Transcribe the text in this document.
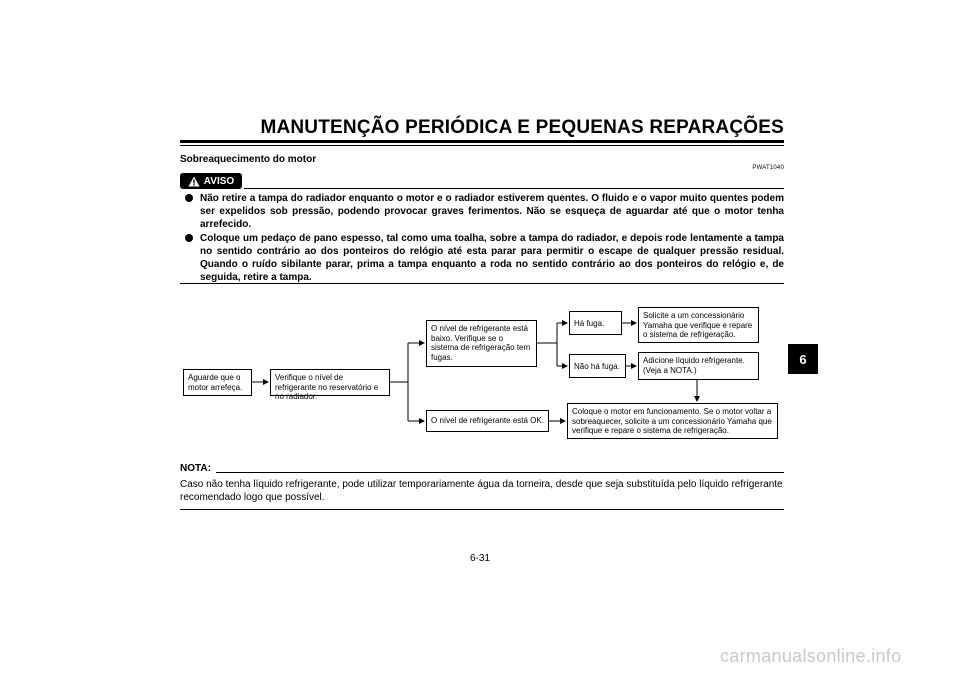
MANUTENÇÃO PERIÓDICA E PEQUENAS REPARAÇÕES
Sobreaquecimento do motor
PWAT1040
AVISO
Não retire a tampa do radiador enquanto o motor e o radiador estiverem quentes. O fluido e o vapor muito quentes podem ser expelidos sob pressão, podendo provocar graves ferimentos. Não se esqueça de aguardar até que o motor tenha arrefecido.
Coloque um pedaço de pano espesso, tal como uma toalha, sobre a tampa do radiador, e depois rode lentamente a tampa no sentido contrário ao dos ponteiros do relógio até esta parar para permitir o escape de qualquer pressão residual. Quando o ruído sibilante parar, prima a tampa enquanto a roda no sentido contrário ao dos ponteiros do relógio e, de seguida, retire a tampa.
Aguarde que o motor arrefeça.
Verifique o nível de refrigerante no reservatório e no radiador.
O nível de refrigerante está baixo. Verifique se o sistema de refrigeração tem fugas.
O nível de refrigerante está OK.
Há fuga.
Não há fuga.
Solicite a um concessionário Yamaha que verifique e repare o sistema de refrigeração.
Adicione líquido refrigerante. (Veja a NOTA.)
Coloque o motor em funcionamento. Se o motor voltar a sobreaquecer, solicite a um concessionário Yamaha que verifique e repare o sistema de refrigeração.
NOTA:
Caso não tenha líquido refrigerante, pode utilizar temporariamente água da torneira, desde que seja substituída pelo líquido refrigerante recomendado logo que possível.
6-31
6
carmanualsonline.info
